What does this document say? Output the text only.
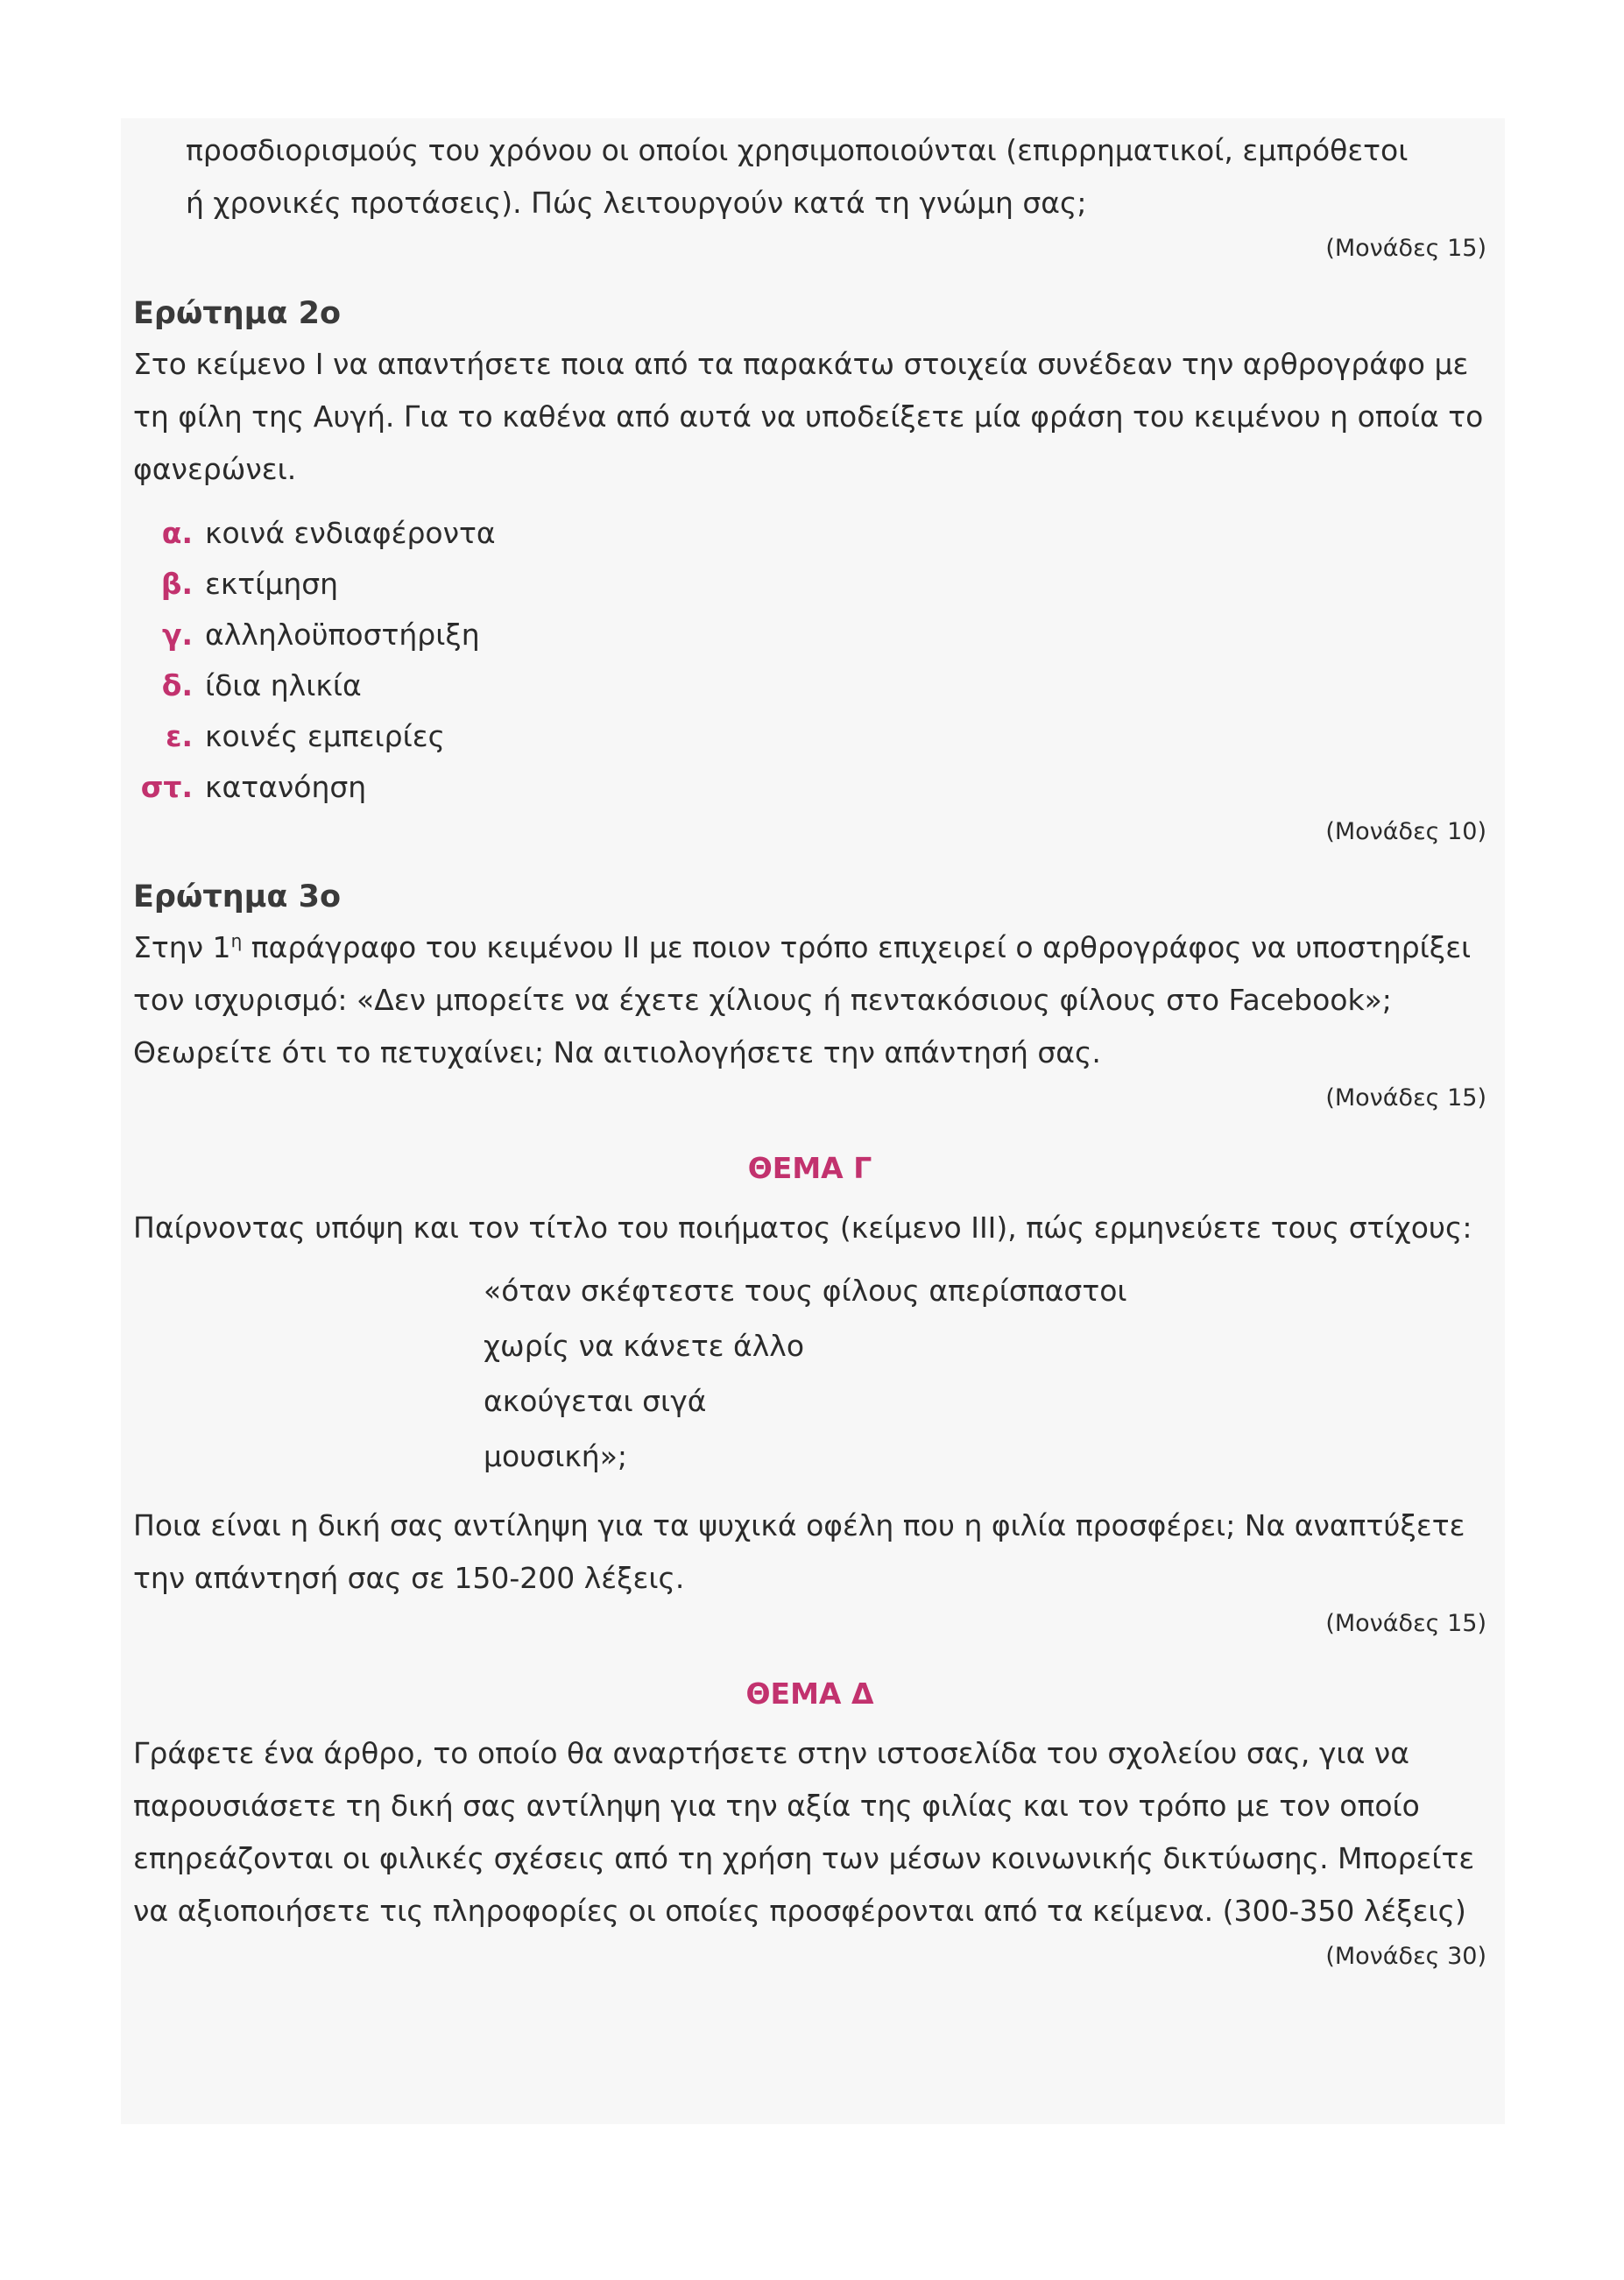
προσδιορισμούς του χρόνου οι οποίοι χρησιμοποιούνται (επιρρηματικοί, εμπρόθετοι

ή χρονικές προτάσεις). Πώς λειτουργούν κατά τη γνώμη σας;

(Μονάδες 15)
Ερώτημα 2ο

Στο κείμενο Ι να απαντήσετε ποια από τα παρακάτω στοιχεία συνέδεαν την αρθρογράφο με τη φίλη της Αυγή. Για το καθένα από αυτά να υποδείξετε μία φράση του κειμένου η οποία το φανερώνει.

α. κοινά ενδιαφέροντα
β. εκτίμηση
γ. αλληλοϋποστήριξη
δ. ίδια ηλικία
ε. κοινές εμπειρίες
στ. κατανόηση
(Μονάδες 10)
Ερώτημα 3ο

Στην $1^\eta$ παράγραφο του κειμένου ΙΙ με ποιον τρόπο επιχειρεί ο αρθρογράφος να υποστηρίξει τον ισχυρισμό: «Δεν μπορείτε να έχετε χίλιους ή πεντακόσιους φίλους στο Facebook»; Θεωρείτε ότι το πετυχαίνει; Να αιτιολογήσετε την απάντησή σας.

(Μονάδες 15)
ΘΕΜΑ Γ

Παίρνοντας υπόψη και τον τίτλο του ποιήματος (κείμενο ΙΙΙ), πώς ερμηνεύετε τους στίχους:

«όταν σκέφτεστε τους φίλους απερίσπαστοι
χωρίς να κάνετε άλλο
ακούγεται σιγά
μουσική»;

Ποια είναι η δική σας αντίληψη για τα ψυχικά οφέλη που η φιλία προσφέρει; Να αναπτύξετε την απάντησή σας σε 150-200 λέξεις.

(Μονάδες 15)
ΘΕΜΑ Δ

Γράφετε ένα άρθρο, το οποίο θα αναρτήσετε στην ιστοσελίδα του σχολείου σας, για να παρουσιάσετε τη δική σας αντίληψη για την αξία της φιλίας και τον τρόπο με τον οποίο επηρεάζονται οι φιλικές σχέσεις από τη χρήση των μέσων κοινωνικής δικτύωσης. Μπορείτε να αξιοποιήσετε τις πληροφορίες οι οποίες προσφέρονται από τα κείμενα. (300-350 λέξεις)

(Μονάδες 30)
